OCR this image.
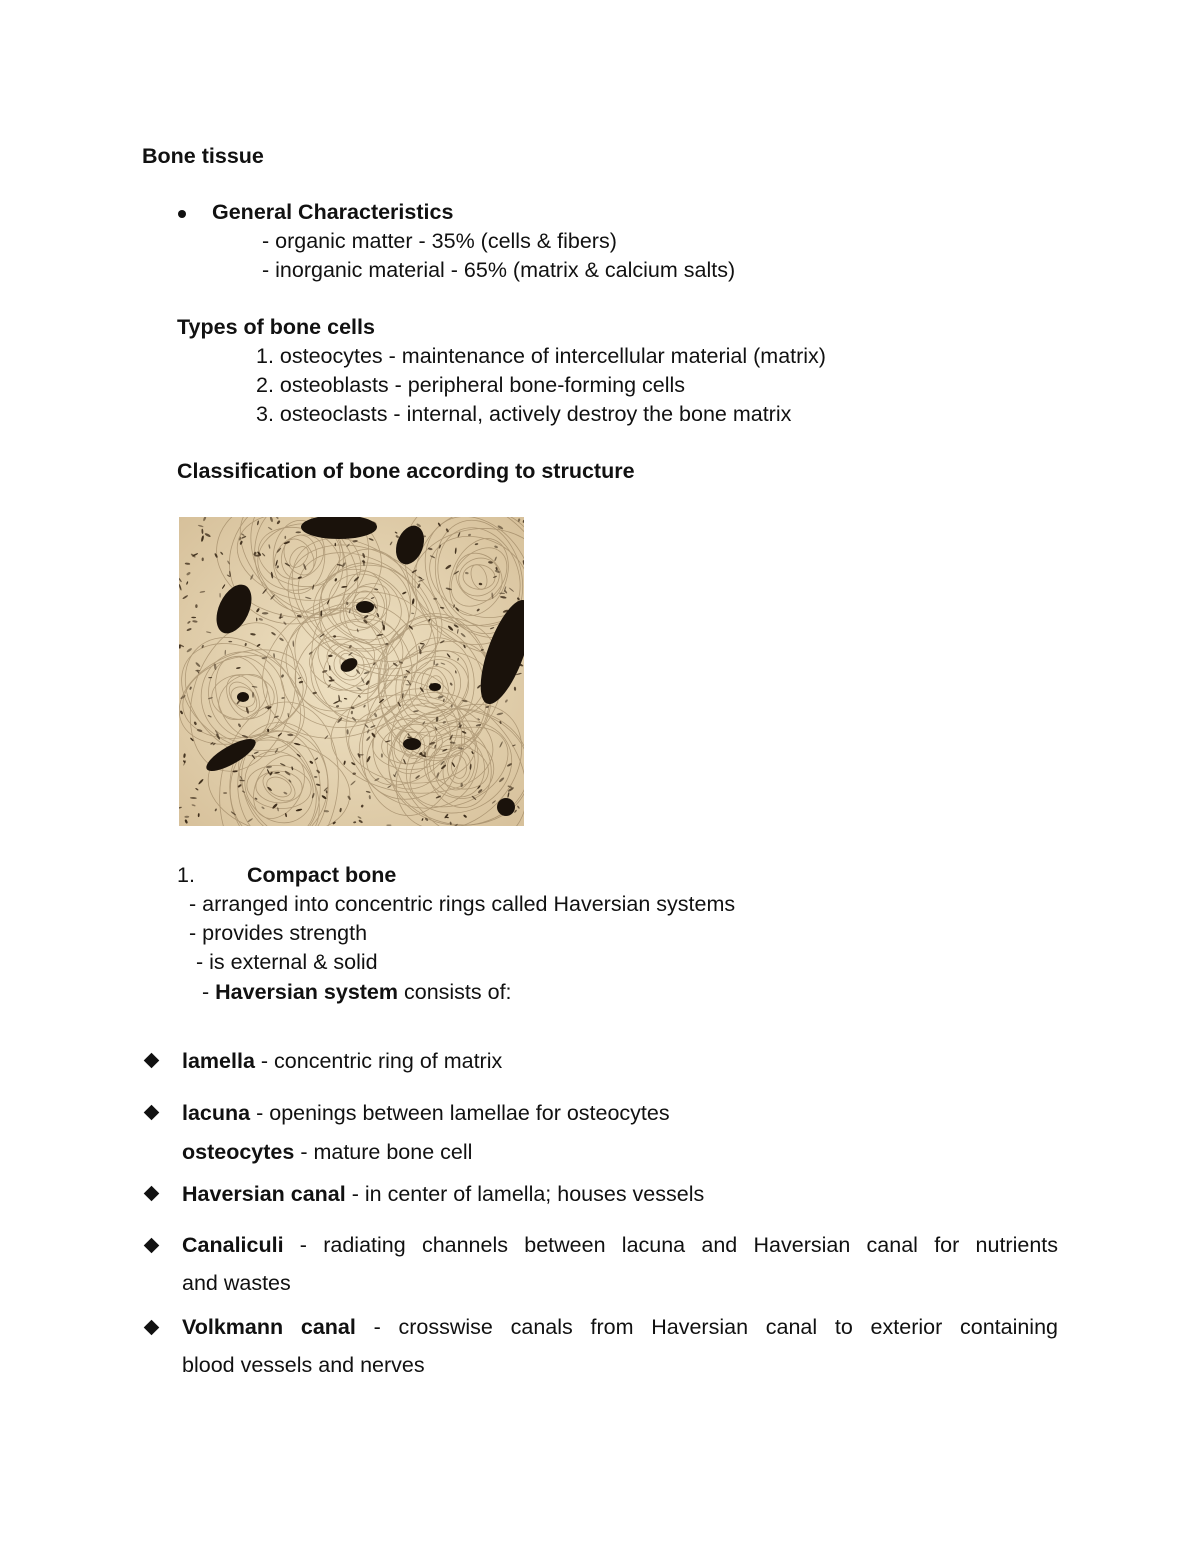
Bone tissue
General Characteristics
- organic matter - 35% (cells & fibers)
- inorganic material - 65% (matrix & calcium salts)
Types of bone cells
1. osteocytes - maintenance of intercellular material (matrix)
2. osteoblasts - peripheral bone-forming cells
3. osteoclasts - internal, actively destroy the bone matrix
Classification of bone according to structure
1. Compact bone
- arranged into concentric rings called Haversian systems
- provides strength
- is external & solid
- Haversian system consists of:
lamella - concentric ring of matrix
lacuna - openings between lamellae for osteocytes
osteocytes - mature bone cell
Haversian canal - in center of lamella; houses vessels
Canaliculi - radiating channels between lacuna and Haversian canal for nutrients
and wastes
Volkmann canal - crosswise canals from Haversian canal to exterior containing
blood vessels and nerves
